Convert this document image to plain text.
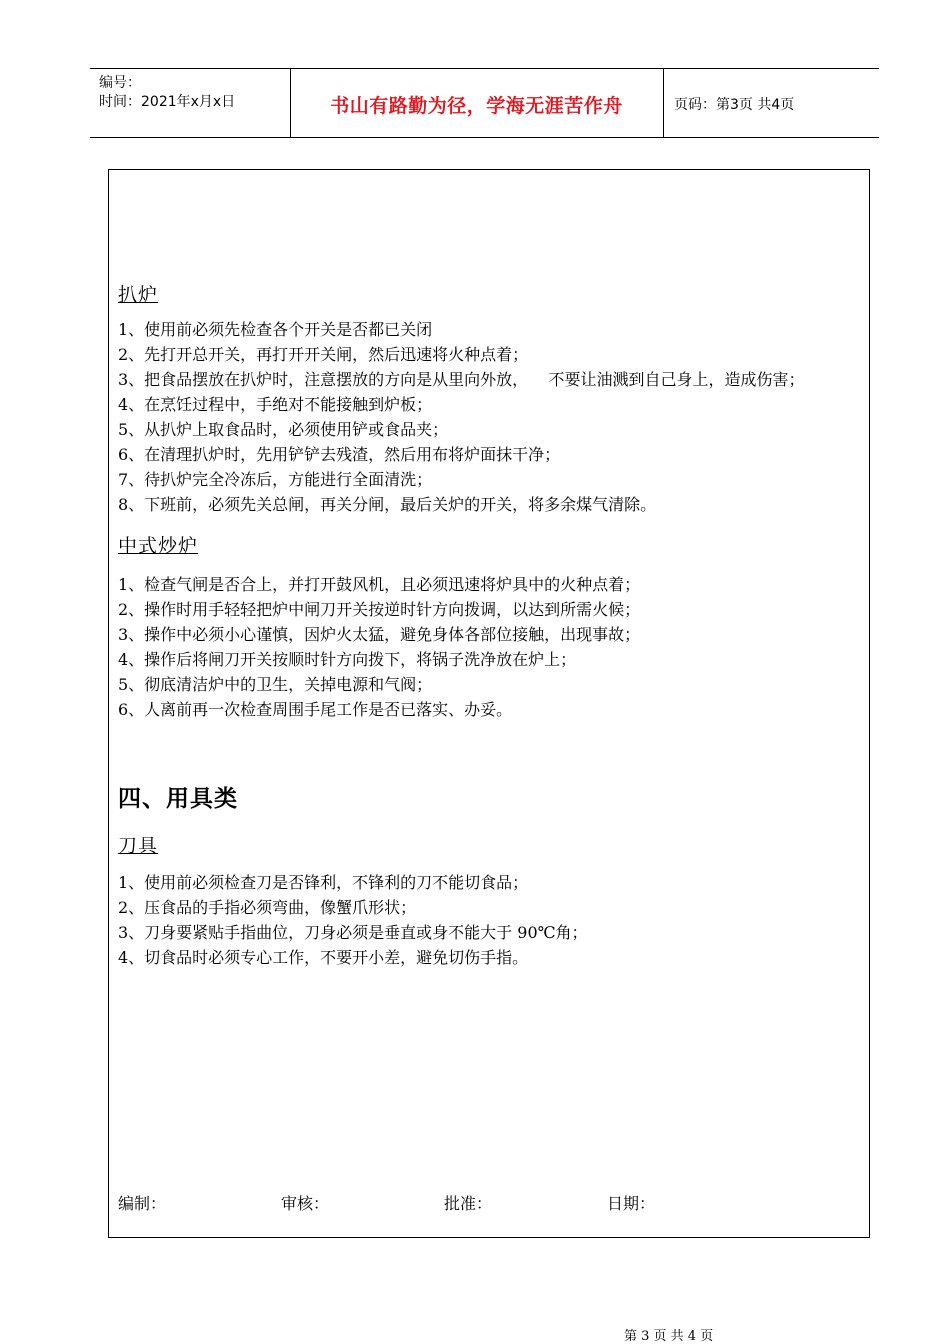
编号：
时间：2021年x月x日	书山有路勤为径，学海无涯苦作舟	页码：第3页 共4页

扒炉

1、使用前必须先检查各个开关是否都已关闭

2、先打开总开关，再打开开关闸，然后迅速将火种点着；

3、把食品摆放在扒炉时，注意摆放的方向是从里向外放，    不要让油溅到自己身上，造成伤害；

4、在烹饪过程中，手绝对不能接触到炉板；

5、从扒炉上取食品时，必须使用铲或食品夹；

6、在清理扒炉时，先用铲铲去残渣，然后用布将炉面抹干净；

7、待扒炉完全冷冻后，方能进行全面清洗；

8、下班前，必须先关总闸，再关分闸，最后关炉的开关，将多余煤气清除。

中式炒炉

1、检查气闸是否合上，并打开鼓风机，且必须迅速将炉具中的火种点着；

2、操作时用手轻轻把炉中闸刀开关按逆时针方向拨调，以达到所需火候；

3、操作中必须小心谨慎，因炉火太猛，避免身体各部位接触，出现事故；

4、操作后将闸刀开关按顺时针方向拨下，将锅子洗净放在炉上；

5、彻底清洁炉中的卫生，关掉电源和气阀；

6、人离前再一次检查周围手尾工作是否已落实、办妥。

四、用具类

刀具

1、使用前必须检查刀是否锋利，不锋利的刀不能切食品；

2、压食品的手指必须弯曲，像蟹爪形状；

3、刀身要紧贴手指曲位，刀身必须是垂直或身不能大于 90℃角；

4、切食品时必须专心工作，不要开小差，避免切伤手指。

编制：	审核：	批准：	日期：
第 3 页 共 4 页
